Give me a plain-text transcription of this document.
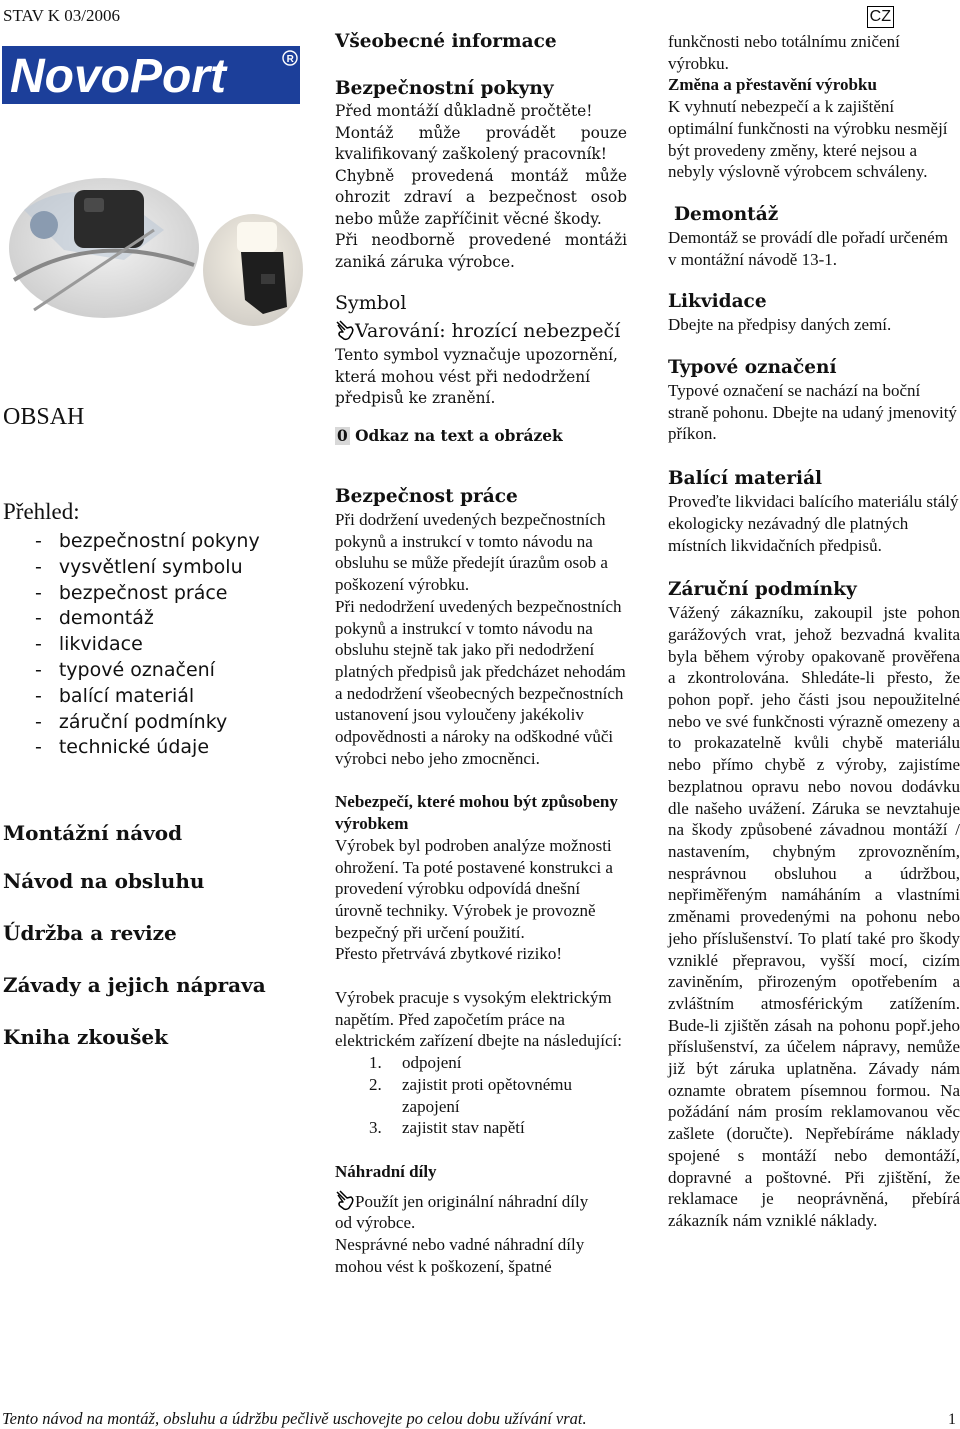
STAV K 03/2006
NovoPort	R
OBSAH
Přehled:
- bezpečnostní pokyny
- vysvětlení symbolu
- bezpečnost práce
- demontáž
- likvidace
- typové označení
- balící materiál
- záruční podmínky
- technické údaje
Montážní návod
Návod na obsluhu
Údržba a revize
Závady a jejich náprava
Kniha zkoušek
Všeobecné informace
Bezpečnostní pokyny
Před montáží důkladně pročtěte!
Montáž může provádět pouze kvalifikovaný zaškolený pracovník!
Chybně provedená montáž může ohrozit zdraví a bezpečnost osob nebo může zapříčinit věcné škody.
Při neodborně provedené montáži zaniká záruka výrobce.
Symbol
Varování: hrozící nebezpečí
Tento symbol vyznačuje upozornění, která mohou vést při nedodržení předpisů ke zranění.
0 Odkaz na text a obrázek
Bezpečnost práce
Při dodržení uvedených bezpečnostních pokynů a instrukcí v tomto návodu na obsluhu se může předejít úrazům osob a poškození výrobku.
Při nedodržení uvedených bezpečnostních pokynů a instrukcí v tomto návodu na obsluhu stejně tak jako při nedodržení platných předpisů jak předcházet nehodám a nedodržení všeobecných bezpečnostních ustanovení jsou vyloučeny jakékoliv odpovědnosti a nároky na odškodné vůči výrobci nebo jeho zmocněnci.
Nebezpečí, které mohou být způsobeny výrobkem
Výrobek byl podroben analýze možnosti ohrožení. Ta poté postavené konstrukci a provedení výrobku odpovídá dnešní úrovně techniky. Výrobek je provozně bezpečný při určení použití.
Přesto přetrvává zbytkové riziko!
Výrobek pracuje s vysokým elektrickým napětím. Před započetím práce na elektrickém zařízení dbejte na následující:
1.	odpojení
2.	zajistit proti opětovnému zapojení
3.	zajistit stav napětí
Náhradní díly
Použít jen originální náhradní díly
od výrobce.
Nesprávné nebo vadné náhradní díly mohou vést k poškození, špatné
CZ
funkčnosti nebo totálnímu zničení výrobku.
Změna a přestavění výrobku
K vyhnutí nebezpečí a k zajištění optimální funkčnosti na výrobku nesmějí být provedeny změny, které nejsou a nebyly výslovně výrobcem schváleny.
Demontáž
Demontáž se provádí dle pořadí určeném v montážní návodě 13-1.
Likvidace
Dbejte na předpisy daných zemí.
Typové označení
Typové označení se nachází na boční straně pohonu. Dbejte na udaný jmenovitý příkon.
Balící materiál
Proveďte likvidaci balícího materiálu stálý ekologicky nezávadný dle platných místních likvidačních předpisů.
Záruční podmínky
Vážený zákazníku, zakoupil jste pohon garážových vrat, jehož bezvadná kvalita byla během výroby opakovaně prověřena a zkontrolována. Shledáte-li přesto, že pohon popř. jeho části jsou nepoužitelné nebo ve své funkčnosti výrazně omezeny a to prokazatelně kvůli chybě materiálu nebo přímo chybě z výroby, zajistíme bezplatnou opravu nebo novou dodávku dle našeho uvážení. Záruka se nevztahuje na škody způsobené závadnou montáží / nastavením, chybným zprovozněním, nesprávnou obsluhou a údržbou, nepřiměřeným namáháním a vlastními změnami provedenými na pohonu nebo jeho příslušenství. To platí také pro škody vzniklé přepravou, vyšší mocí, cizím zaviněním, přirozeným opotřebením a zvláštním atmosférickým zatížením. Bude-li zjištěn zásah na pohonu popř.jeho příslušenství, za účelem nápravy, nemůže již být záruka uplatněna. Závady nám oznamte obratem písemnou formou. Na požádání nám prosím reklamovanou věc zašlete (doručte). Nepřebíráme náklady spojené s montáží nebo demontáží, dopravné a poštovné. Při zjištění, že reklamace je neoprávněná, přebírá zákazník nám vzniklé náklady.
Tento návod na montáž, obsluhu a údržbu pečlivě uschovejte po celou dobu užívání vrat.	1
